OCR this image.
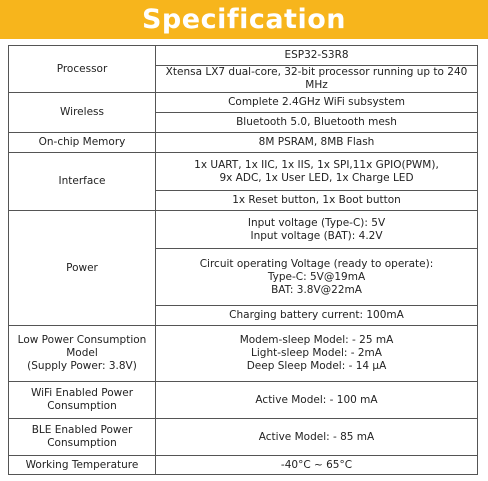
Specification
Processor	ESP32-S3R8
	Xtensa LX7 dual-core, 32-bit processor running up to 240 MHz
Wireless	Complete 2.4GHz WiFi subsystem
	Bluetooth 5.0, Bluetooth mesh
On-chip Memory	8M PSRAM, 8MB Flash
Interface	1x UART, 1x IIC, 1x IIS, 1x SPI,11x GPIO(PWM),
9x ADC, 1x User LED, 1x Charge LED

	1x Reset button, 1x Boot button
Power	Input voltage (Type-C): 5V
Input voltage (BAT): 4.2V

	Circuit operating Voltage (ready to operate):
Type-C: 5V@19mA
BAT: 3.8V@22mA

	Charging battery current: 100mA

Low Power Consumption
Model
(Supply Power: 3.8V)	Modem-sleep Model: - 25 mA
Light-sleep Model: - 2mA
Deep Sleep Model: - 14 μA

WiFi Enabled Power
Consumption	Active Model: - 100 mA

BLE Enabled Power
Consumption	Active Model: - 85 mA
Working Temperature	-40°C ~ 65°C
